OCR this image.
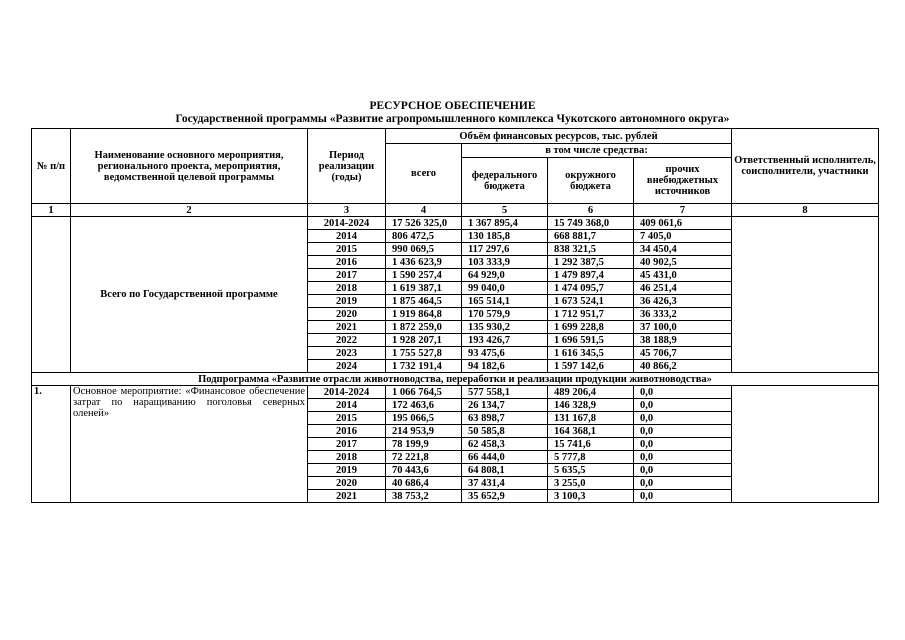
РЕСУРСНОЕ ОБЕСПЕЧЕНИЕ
Государственной программы «Развитие агропромышленного комплекса Чукотского автономного округа»
№ п/п	Наименование основного мероприятия, регионального проекта, мероприятия, ведомственной целевой программы	Период реализации (годы)	Объём финансовых ресурсов, тыс. рублей				Ответственный исполнитель, соисполнители, участники
			всего	в том числе средства:			
				федерального бюджета	окружного бюджета	прочих внебюджетных источников	
1	2	3	4	5	6	7	8
	Всего по Государственной программе	2014-2024	17 526 325,0	1 367 895,4	15 749 368,0	409 061,6	
		2014	806 472,5	130 185,8	668 881,7	7 405,0	
		2015	990 069,5	117 297,6	838 321,5	34 450,4	
		2016	1 436 623,9	103 333,9	1 292 387,5	40 902,5	
		2017	1 590 257,4	64 929,0	1 479 897,4	45 431,0	
		2018	1 619 387,1	99 040,0	1 474 095,7	46 251,4	
		2019	1 875 464,5	165 514,1	1 673 524,1	36 426,3	
		2020	1 919 864,8	170 579,9	1 712 951,7	36 333,2	
		2021	1 872 259,0	135 930,2	1 699 228,8	37 100,0	
		2022	1 928 207,1	193 426,7	1 696 591,5	38 188,9	
		2023	1 755 527,8	93 475,6	1 616 345,5	45 706,7	
		2024	1 732 191,4	94 182,6	1 597 142,6	40 866,2	
Подпрограмма «Развитие отрасли животноводства, переработки и реализации продукции животноводства»							
1.	Основное мероприятие: «Финансовое обеспечение затрат по наращиванию поголовья северных оленей»	2014-2024	1 066 764,5	577 558,1	489 206,4	0,0	
		2014	172 463,6	26 134,7	146 328,9	0,0	
		2015	195 066,5	63 898,7	131 167,8	0,0	
		2016	214 953,9	50 585,8	164 368,1	0,0	
		2017	78 199,9	62 458,3	15 741,6	0,0	
		2018	72 221,8	66 444,0	5 777,8	0,0	
		2019	70 443,6	64 808,1	5 635,5	0,0	
		2020	40 686,4	37 431,4	3 255,0	0,0	
		2021	38 753,2	35 652,9	3 100,3	0,0	
